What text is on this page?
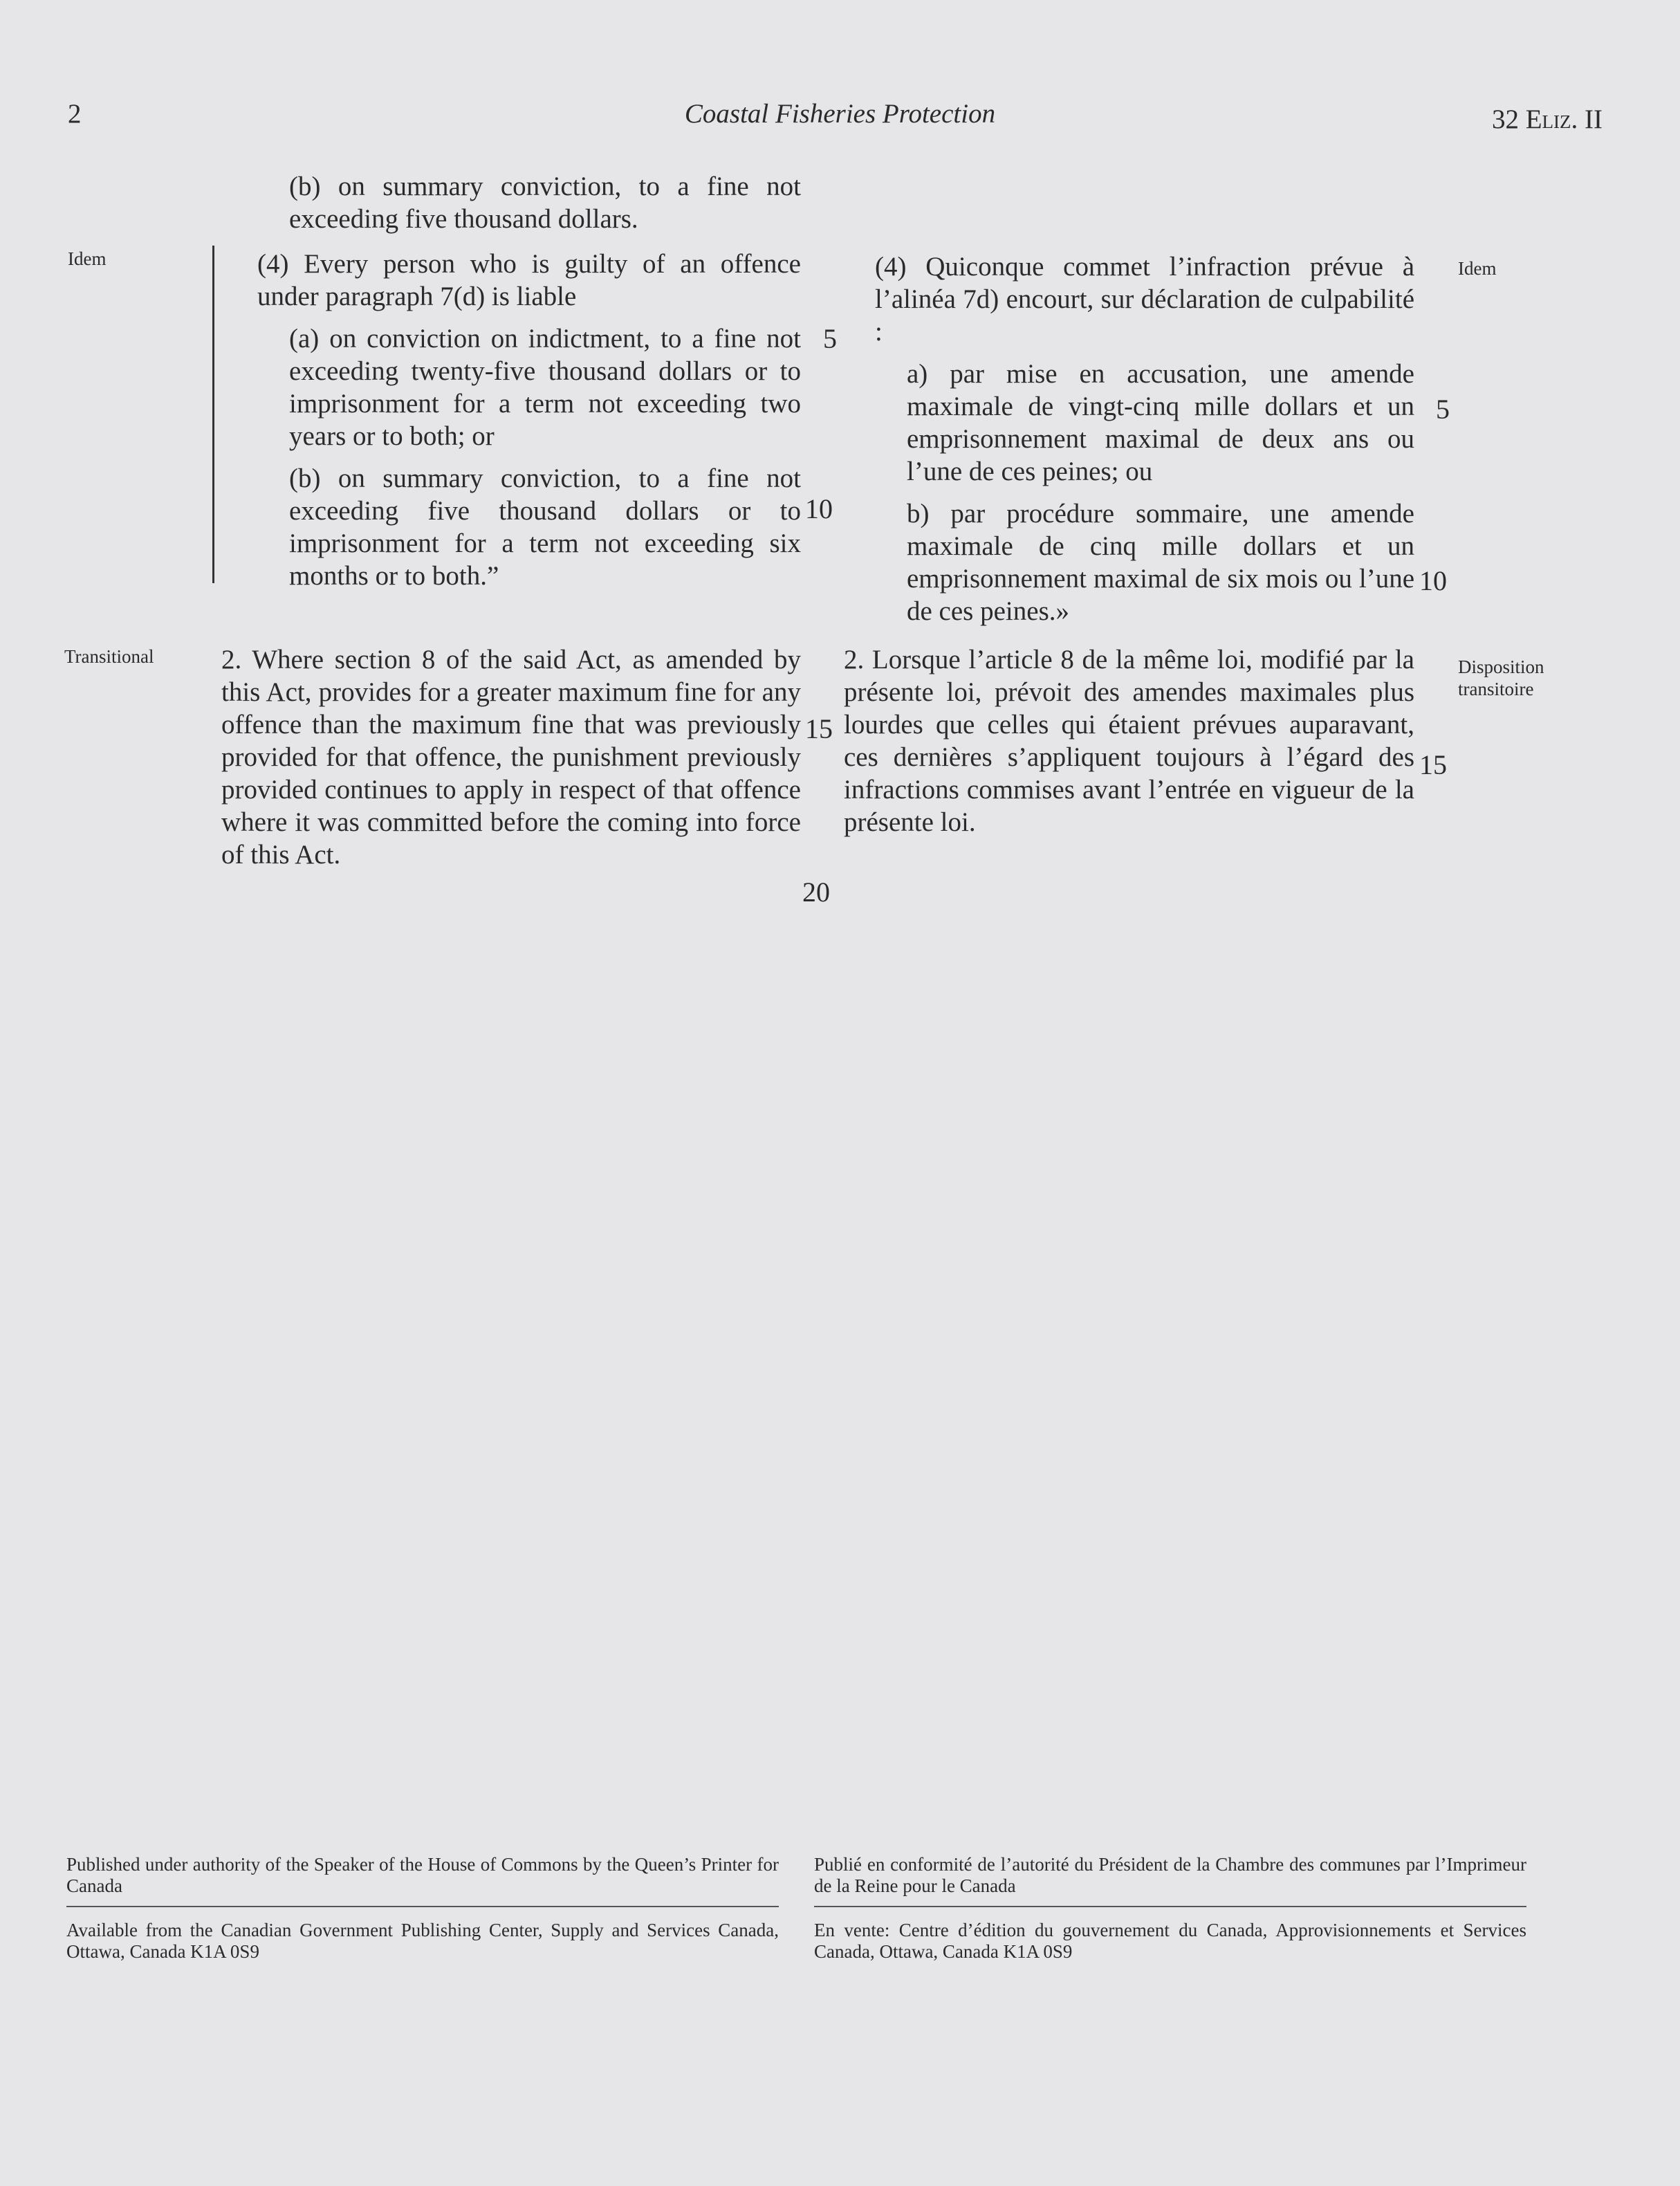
2	Coastal Fisheries Protection	32 Eliz. II
(b) on summary conviction, to a fine not exceeding five thousand dollars.
Idem	(4) Every person who is guilty of an offence under paragraph 7(d) is liable

(a) on conviction on indictment, to a fine not exceeding twenty-five thousand dollars or to imprisonment for a term not exceeding two years or to both; or

(b) on summary conviction, to a fine not exceeding five thousand dollars or to imprisonment for a term not exceeding six months or to both.”

Transitional 2. Where section 8 of the said Act, as amended by this Act, provides for a greater maximum fine for any offence than the maximum fine that was previously provided for that offence, the punishment previously provided continues to apply in respect of that offence where it was committed before the coming into force of this Act.
5
10
15
20

(4) Quiconque commet l’infraction prévue à l’alinéa 7d) encourt, sur déclaration de culpabilité :

a) par mise en accusation, une amende maximale de vingt-cinq mille dollars et un emprisonnement maximal de deux ans ou l’une de ces peines; ou

b) par procédure sommaire, une amende maximale de cinq mille dollars et un emprisonnement maximal de six mois ou l’une de ces peines.»

Idem
5
10
15
2. Lorsque l’article 8 de la même loi, modifié par la présente loi, prévoit des amendes maximales plus lourdes que celles qui étaient prévues auparavant, ces dernières s’appliquent toujours à l’égard des infractions commises avant l’entrée en vigueur de la présente loi.
Disposition transitoire
Published under authority of the Speaker of the House of Commons by the Queen’s Printer for Canada
Available from the Canadian Government Publishing Center, Supply and Services Canada, Ottawa, Canada K1A 0S9
Publié en conformité de l’autorité du Président de la Chambre des communes par l’Imprimeur de la Reine pour le Canada
En vente: Centre d’édition du gouvernement du Canada, Approvisionnements et Services Canada, Ottawa, Canada K1A 0S9
